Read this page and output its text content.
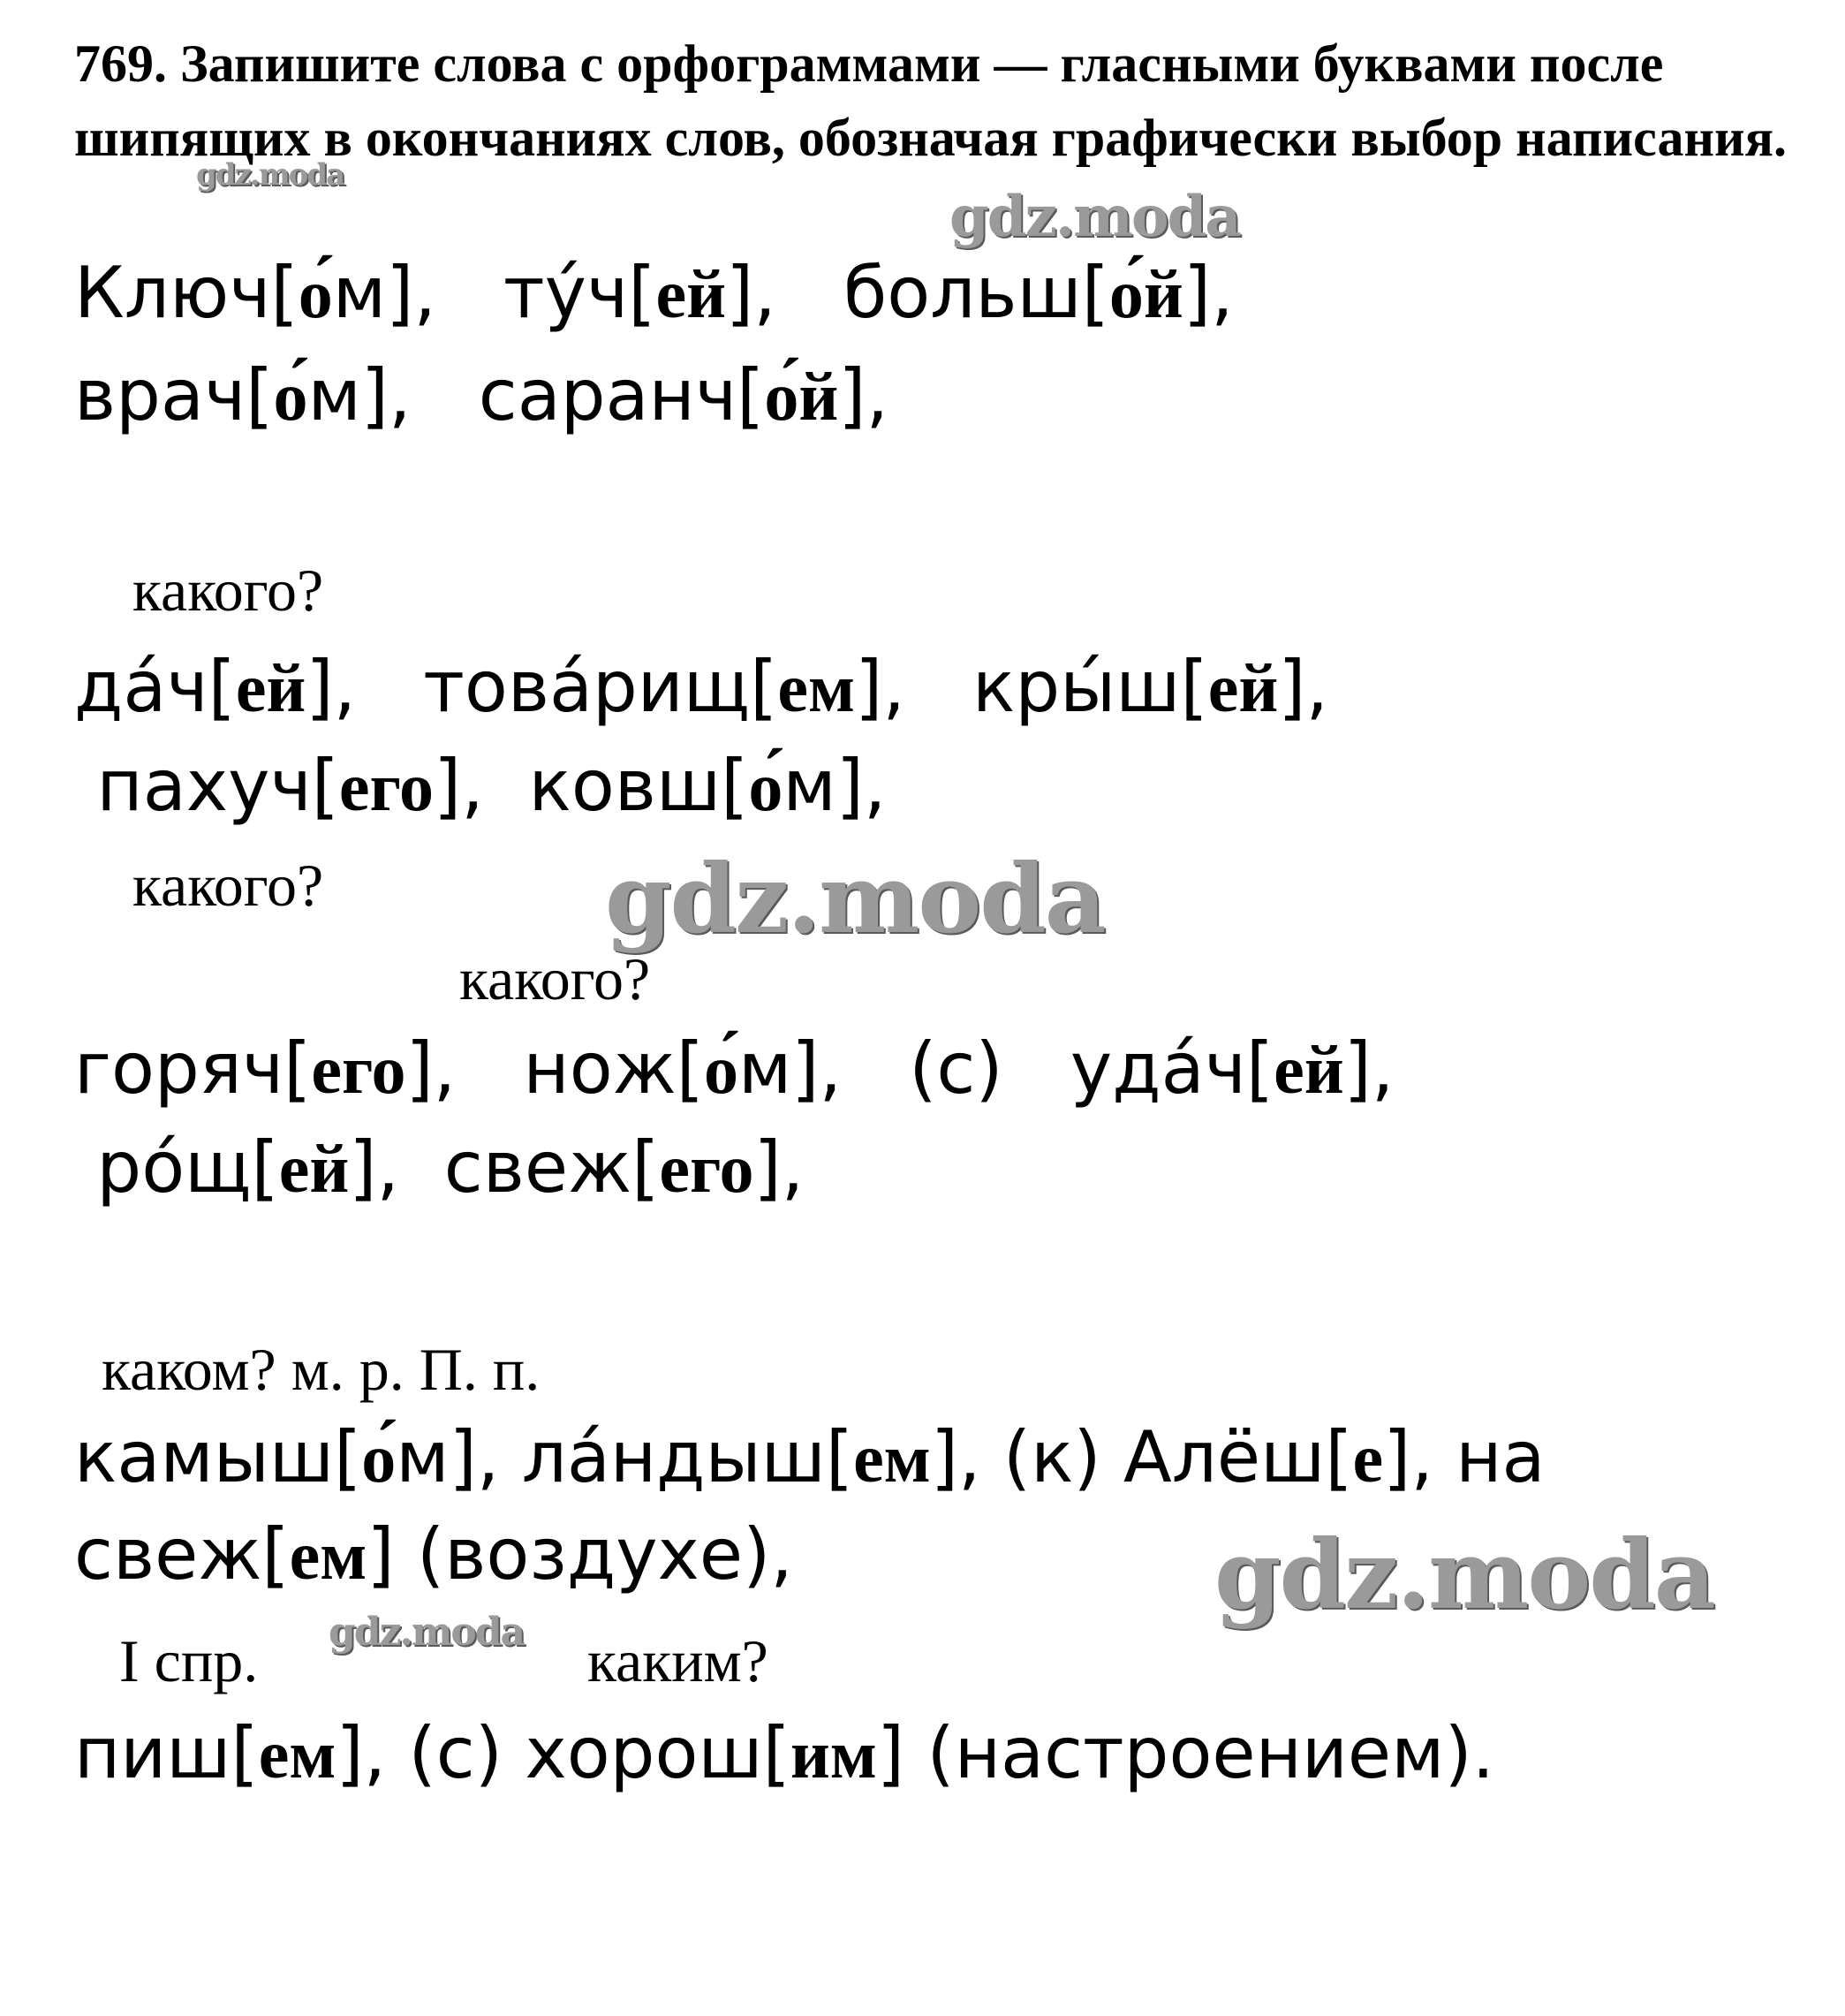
769. Запишите слова с орфограммами — гласными буквами после шипящих в окончаниях слов, обозначая графически выбор написания.
Ключ[о́м],   ту́ч[ей],   больш[о́й],
врач[о́м],   саранч[о́й],
какого?
да́ч[ей],   това́рищ[ем],   кры́ш[ей],
пахуч[его],  ковш[о́м],
какого?
какого?
горяч[его],   нож[о́м],   (с)   уда́ч[ей],
ро́щ[ей],  свеж[его],
каком? м. р. П. п.
камыш[о́м], ла́ндыш[ем], (к) Алёш[е], на
свеж[ем] (воздухе),
I спр.	каким?
пиш[ем], (с) хорош[им] (настроением).
gdz.moda
gdz.moda
gdz.moda
gdz.moda
gdz.moda
